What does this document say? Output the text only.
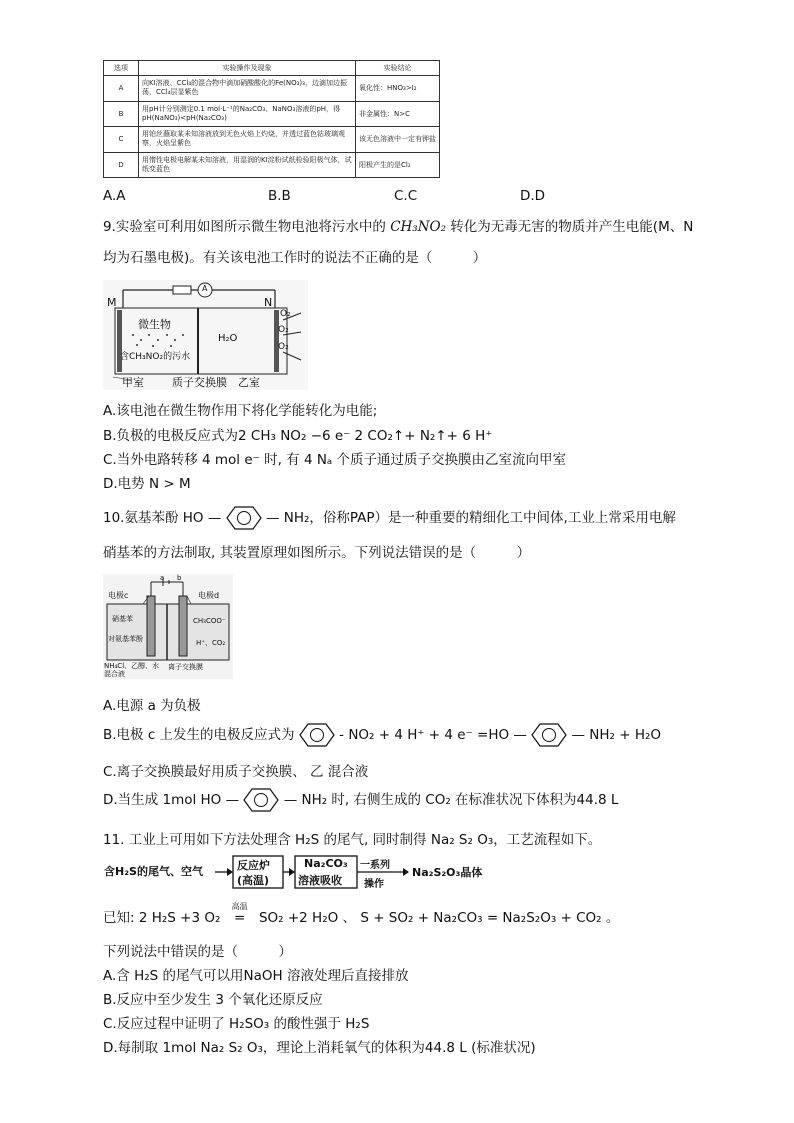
选项	实验操作及现象	实验结论
A	向KI溶液、CCl₄的混合物中滴加硝酸酸化的Fe(NO₃)₃，边滴加边振荡，CCl₄层显紫色	氧化性：HNO₃>I₂
B	用pH计分别测定0.1 mol·L⁻¹的Na₂CO₃、NaNO₃溶液的pH，得pH(NaNO₃)<pH(Na₂CO₃)	非金属性：N>C
C	用铂丝蘸取某未知溶液放到无色火焰上灼烧，并透过蓝色钴玻璃观察，火焰呈紫色	该无色溶液中一定有钾盐
D	用惰性电极电解某未知溶液，用湿润的KI淀粉试纸检验阳极气体，试纸变蓝色	阳极产生的是Cl₂
A.A	B.B	C.C	D.D
9.实验室可利用如图所示微生物电池将污水中的 CH₃NO₂ 转化为无毒无害的物质并产生电能(M、N
均为石墨电极)。有关该电池工作时的说法不正确的是（　　　）
M	N
A
微生物
H₂O
含CH₃NO₂的污水
O₂
O₂
O₂
甲室	质子交换膜 乙室
A.该电池在微生物作用下将化学能转化为电能;
B.负极的电极反应式为2 CH₃ NO₂ −6 e⁻ 2 CO₂↑+ N₂↑+ 6 H⁺
C.当外电路转移 4 mol e⁻ 时, 有 4 Nₐ 个质子通过质子交换膜由乙室流向甲室
D.电势 N > M
10.氨基苯酚 HO —	— NH₂，俗称PAP）是一种重要的精细化工中间体,工业上常采用电解
硝基苯的方法制取, 其装置原理如图所示。下列说法错误的是（　　　）
a b
电极c	电极d
硝基苯
对氨基苯酚
CH₃COO⁻
H⁺、CO₂
NH₄Cl、乙醇、水混合液
离子交换膜
A.电源 a 为负极
B.电极 c 上发生的电极反应式为	- NO₂ + 4 H⁺ + 4 e⁻ =HO —	— NH₂ + H₂O
C.离子交换膜最好用质子交换膜、 乙 混合液
D.当生成 1mol HO —	— NH₂ 时, 右侧生成的 CO₂ 在标准状况下体积为44.8 L
11. 工业上可用如下方法处理含 H₂S 的尾气, 同时制得 Na₂ S₂ O₃，工艺流程如下。
含H₂S的尾气、空气	反应炉
(高温)
Na₂CO₃
溶液吸收
一系列
操作
Na₂S₂O₃晶体
已知: 2 H₂S +3 O₂
高温
= SO₂ +2 H₂O 、 S + SO₂ + Na₂CO₃ = Na₂S₂O₃ + CO₂ 。
下列说法中错误的是（　　　）
A.含 H₂S 的尾气可以用NaOH 溶液处理后直接排放
B.反应中至少发生 3 个氧化还原反应
C.反应过程中证明了 H₂SO₃ 的酸性强于 H₂S
D.每制取 1mol Na₂ S₂ O₃，理论上消耗氧气的体积为44.8 L (标准状况)
